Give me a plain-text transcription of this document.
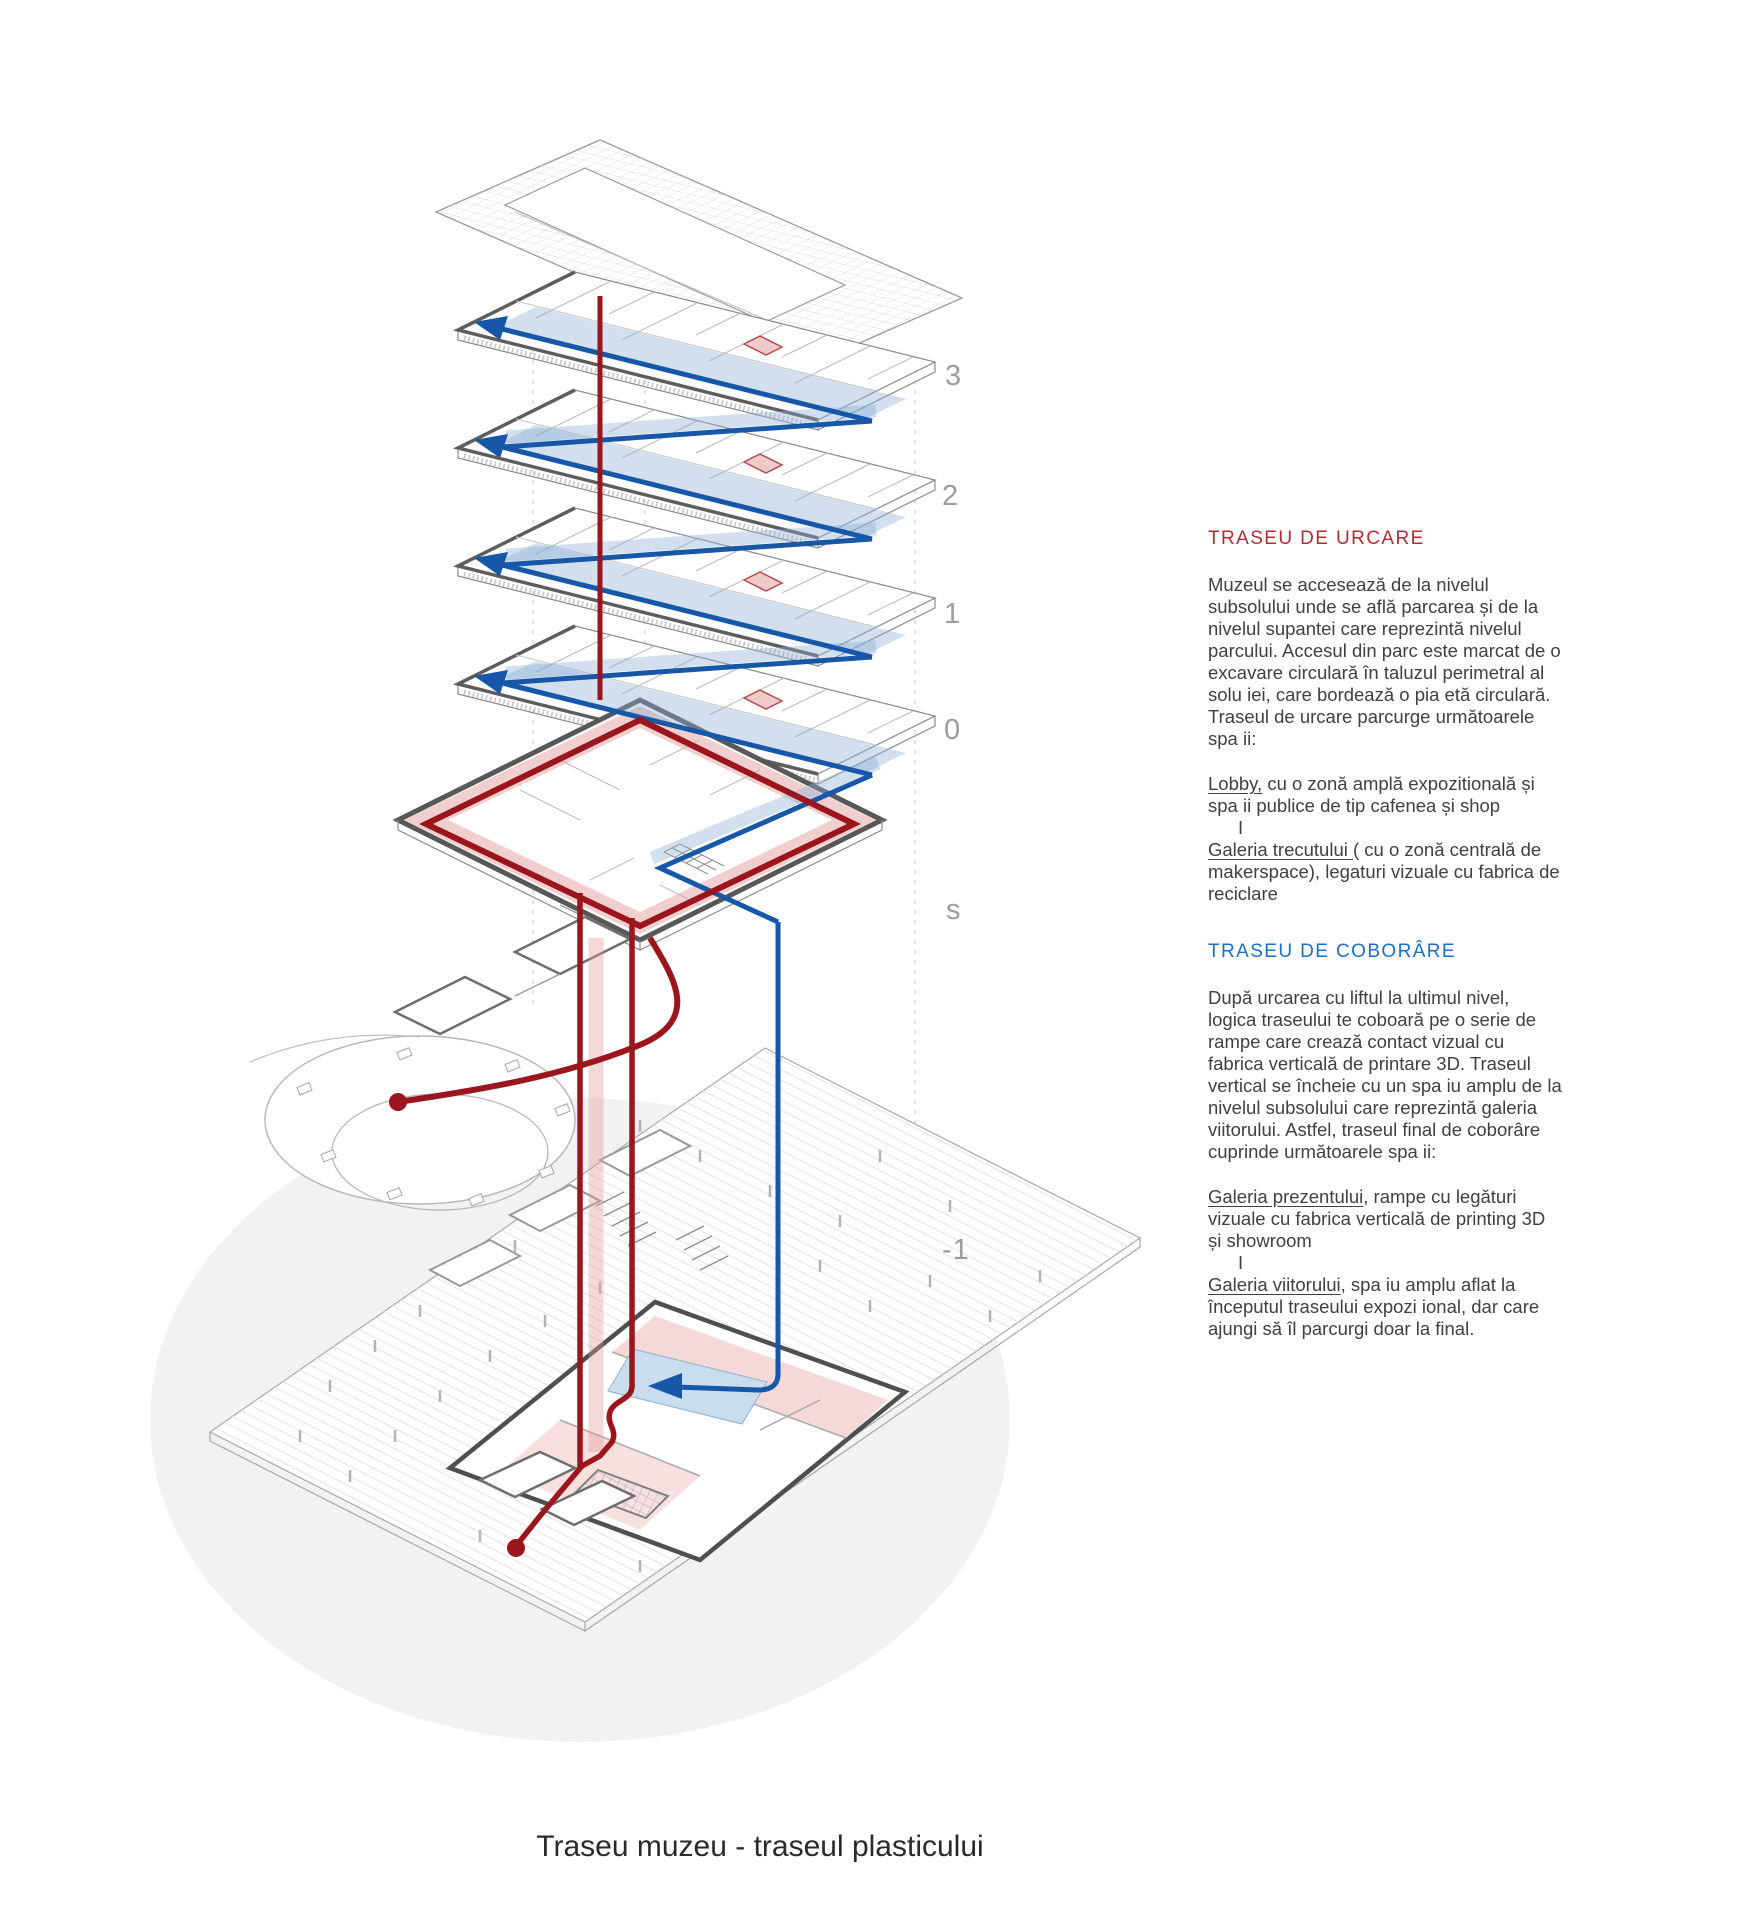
3
2
1
0
s
-1

TRASEU DE URCARE

Muzeul se accesează de la nivelul subsolului unde se află parcarea și de la nivelul supantei care reprezintă nivelul parcului. Accesul din parc este marcat de o excavare circulară în taluzul perimetral al solu iei, care bordează o pia etă circulară. Traseul de urcare parcurge următoarele spa ii:

Lobby, cu o zonă amplă expozitională și spa ii publice de tip cafenea și shop

I

Galeria trecutului ( cu o zonă centrală de makerspace), legaturi vizuale cu fabrica de reciclare

TRASEU DE COBORÂRE

După urcarea cu liftul la ultimul nivel, logica traseului te coboară pe o serie de rampe care crează contact vizual cu fabrica verticală de printare 3D. Traseul vertical se încheie cu un spa iu amplu de la nivelul subsolului care reprezintă galeria viitorului. Astfel, traseul final de coborâre cuprinde următoarele spa ii:

Galeria prezentului, rampe cu legături vizuale cu fabrica verticală de printing 3D și showroom

I

Galeria viitorului, spa iu amplu aflat la începutul traseului expozi ional, dar care ajungi să îl parcurgi doar la final.

Traseu muzeu - traseul plasticului
